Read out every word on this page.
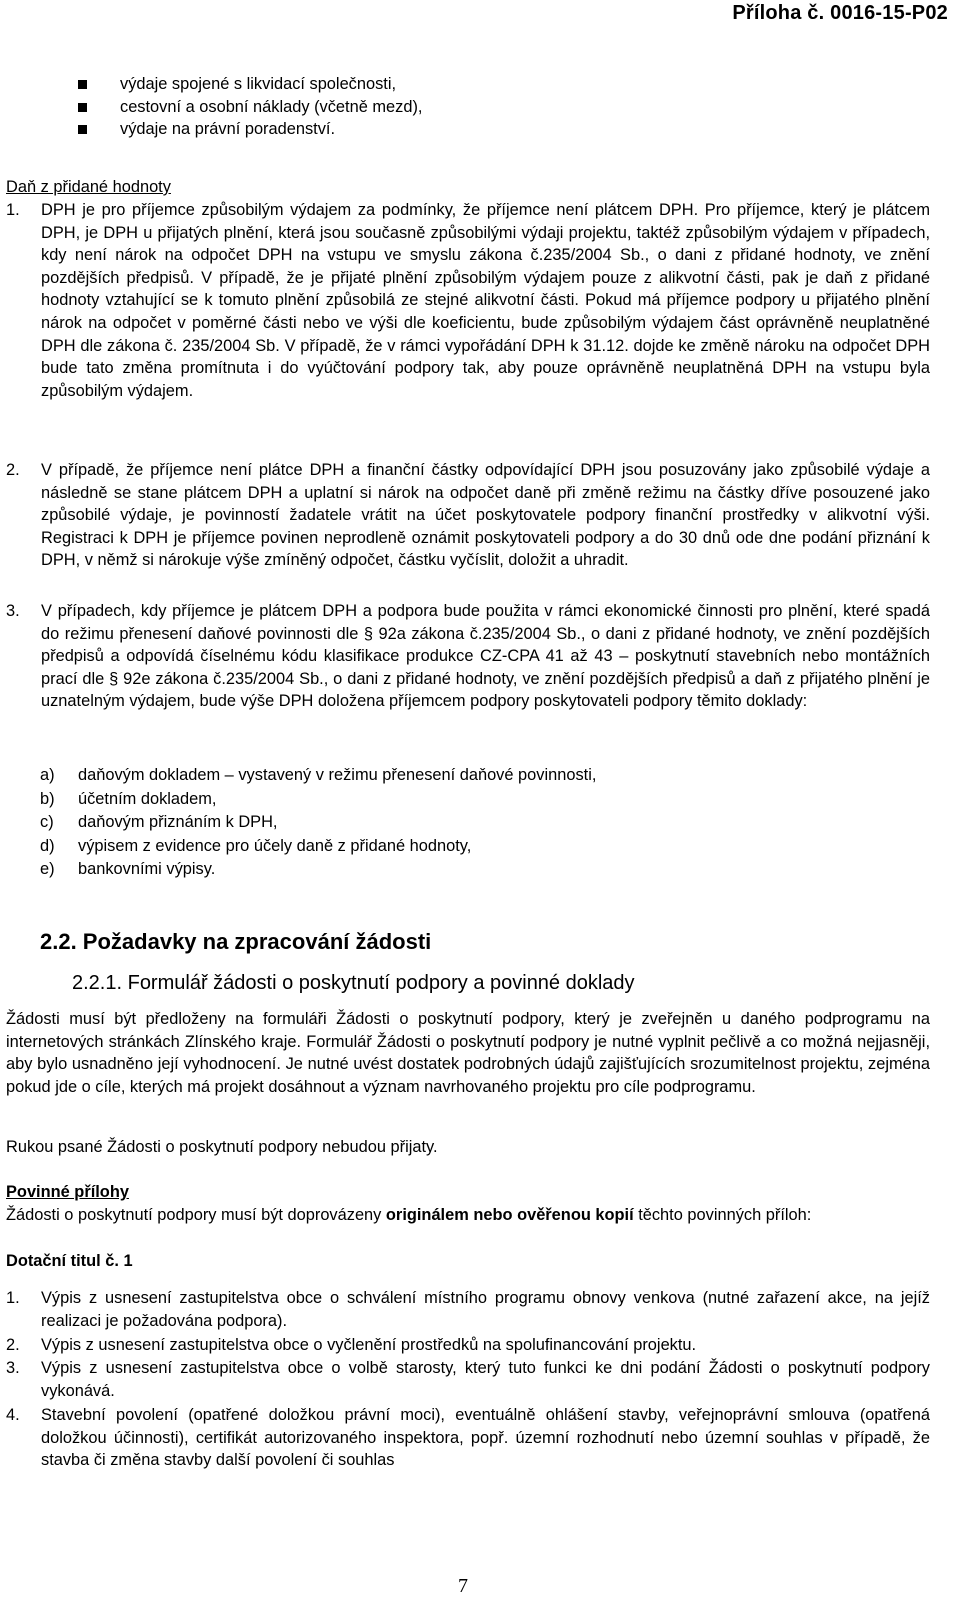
Příloha č. 0016-15-P02
výdaje spojené s likvidací společnosti,
cestovní a osobní náklady (včetně mezd),
výdaje na právní poradenství.
Daň z přidané hodnoty
1. DPH je pro příjemce způsobilým výdajem za podmínky, že příjemce není plátcem DPH. Pro příjemce, který je plátcem DPH, je DPH u přijatých plnění, která jsou současně způsobilými výdaji projektu, taktéž způsobilým výdajem v případech, kdy není nárok na odpočet DPH na vstupu ve smyslu zákona č.235/2004 Sb., o dani z přidané hodnoty, ve znění pozdějších předpisů. V případě, že je přijaté plnění způsobilým výdajem pouze z alikvotní části, pak je daň z přidané hodnoty vztahující se k tomuto plnění způsobilá ze stejné alikvotní části. Pokud má příjemce podpory u přijatého plnění nárok na odpočet v poměrné části nebo ve výši dle koeficientu, bude způsobilým výdajem část oprávněně neuplatněné DPH dle zákona č. 235/2004 Sb. V případě, že v rámci vypořádání DPH k 31.12. dojde ke změně nároku na odpočet DPH bude tato změna promítnuta i do vyúčtování podpory tak, aby pouze oprávněně neuplatněná DPH na vstupu byla způsobilým výdajem.
2. V případě, že příjemce není plátce DPH a finanční částky odpovídající DPH jsou posuzovány jako způsobilé výdaje a následně se stane plátcem DPH a uplatní si nárok na odpočet daně při změně režimu na částky dříve posouzené jako způsobilé výdaje, je povinností žadatele vrátit na účet poskytovatele podpory finanční prostředky v alikvotní výši. Registraci k DPH je příjemce povinen neprodleně oznámit poskytovateli podpory a do 30 dnů ode dne podání přiznání k DPH, v němž si nárokuje výše zmíněný odpočet, částku vyčíslit, doložit a uhradit.
3. V případech, kdy příjemce je plátcem DPH a podpora bude použita v rámci ekonomické činnosti pro plnění, které spadá do režimu přenesení daňové povinnosti dle § 92a zákona č.235/2004 Sb., o dani z přidané hodnoty, ve znění pozdějších předpisů a odpovídá číselnému kódu klasifikace produkce CZ-CPA 41 až 43 – poskytnutí stavebních nebo montážních prací dle § 92e zákona č.235/2004 Sb., o dani z přidané hodnoty, ve znění pozdějších předpisů a daň z přijatého plnění je uznatelným výdajem, bude výše DPH doložena příjemcem podpory poskytovateli podpory těmito doklady:
a) daňovým dokladem – vystavený v režimu přenesení daňové povinnosti,
b) účetním dokladem,
c) daňovým přiznáním k DPH,
d) výpisem z evidence pro účely daně z přidané hodnoty,
e) bankovními výpisy.
2.2. Požadavky na zpracování žádosti
2.2.1. Formulář žádosti o poskytnutí podpory a povinné doklady
Žádosti musí být předloženy na formuláři Žádosti o poskytnutí podpory, který je zveřejněn u daného podprogramu na internetových stránkách Zlínského kraje. Formulář Žádosti o poskytnutí podpory je nutné vyplnit pečlivě a co možná nejjasněji, aby bylo usnadněno její vyhodnocení. Je nutné uvést dostatek podrobných údajů zajišťujících srozumitelnost projektu, zejména pokud jde o cíle, kterých má projekt dosáhnout a význam navrhovaného projektu pro cíle podprogramu.
Rukou psané Žádosti o poskytnutí podpory nebudou přijaty.
Povinné přílohy
Žádosti o poskytnutí podpory musí být doprovázeny originálem nebo ověřenou kopií těchto povinných příloh:
Dotační titul č. 1
1. Výpis z usnesení zastupitelstva obce o schválení místního programu obnovy venkova (nutné zařazení akce, na jejíž realizaci je požadována podpora).
2. Výpis z usnesení zastupitelstva obce o vyčlenění prostředků na spolufinancování projektu.
3. Výpis z usnesení zastupitelstva obce o volbě starosty, který tuto funkci ke dni podání Žádosti o poskytnutí podpory vykonává.
4. Stavební povolení (opatřené doložkou právní moci), eventuálně ohlášení stavby, veřejnoprávní smlouva (opatřená doložkou účinnosti), certifikát autorizovaného inspektora, popř. územní rozhodnutí nebo územní souhlas v případě, že stavba či změna stavby další povolení či souhlas
7
